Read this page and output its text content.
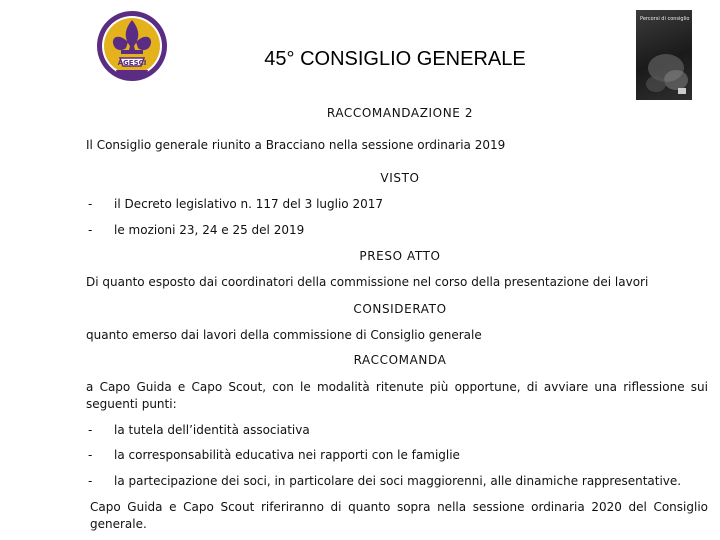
AGESCI	45° CONSIGLIO GENERALE
Percorsi di consiglio
RACCOMANDAZIONE 2
Il Consiglio generale riunito a Bracciano nella sessione ordinaria 2019
VISTO
- il Decreto legislativo n. 117 del 3 luglio 2017
- le mozioni 23, 24 e 25 del 2019
PRESO ATTO
Di quanto esposto dai coordinatori della commissione nel corso della presentazione dei lavori
CONSIDERATO
quanto emerso dai lavori della commissione di Consiglio generale
RACCOMANDA
a Capo Guida e Capo Scout, con le modalità ritenute più opportune, di avviare una riflessione sui seguenti punti:
- la tutela dell’identità associativa
- la corresponsabilità educativa nei rapporti con le famiglie
- la partecipazione dei soci, in particolare dei soci maggiorenni, alle dinamiche rappresentative.
Capo Guida e Capo Scout riferiranno di quanto sopra nella sessione ordinaria 2020 del Consiglio generale.
